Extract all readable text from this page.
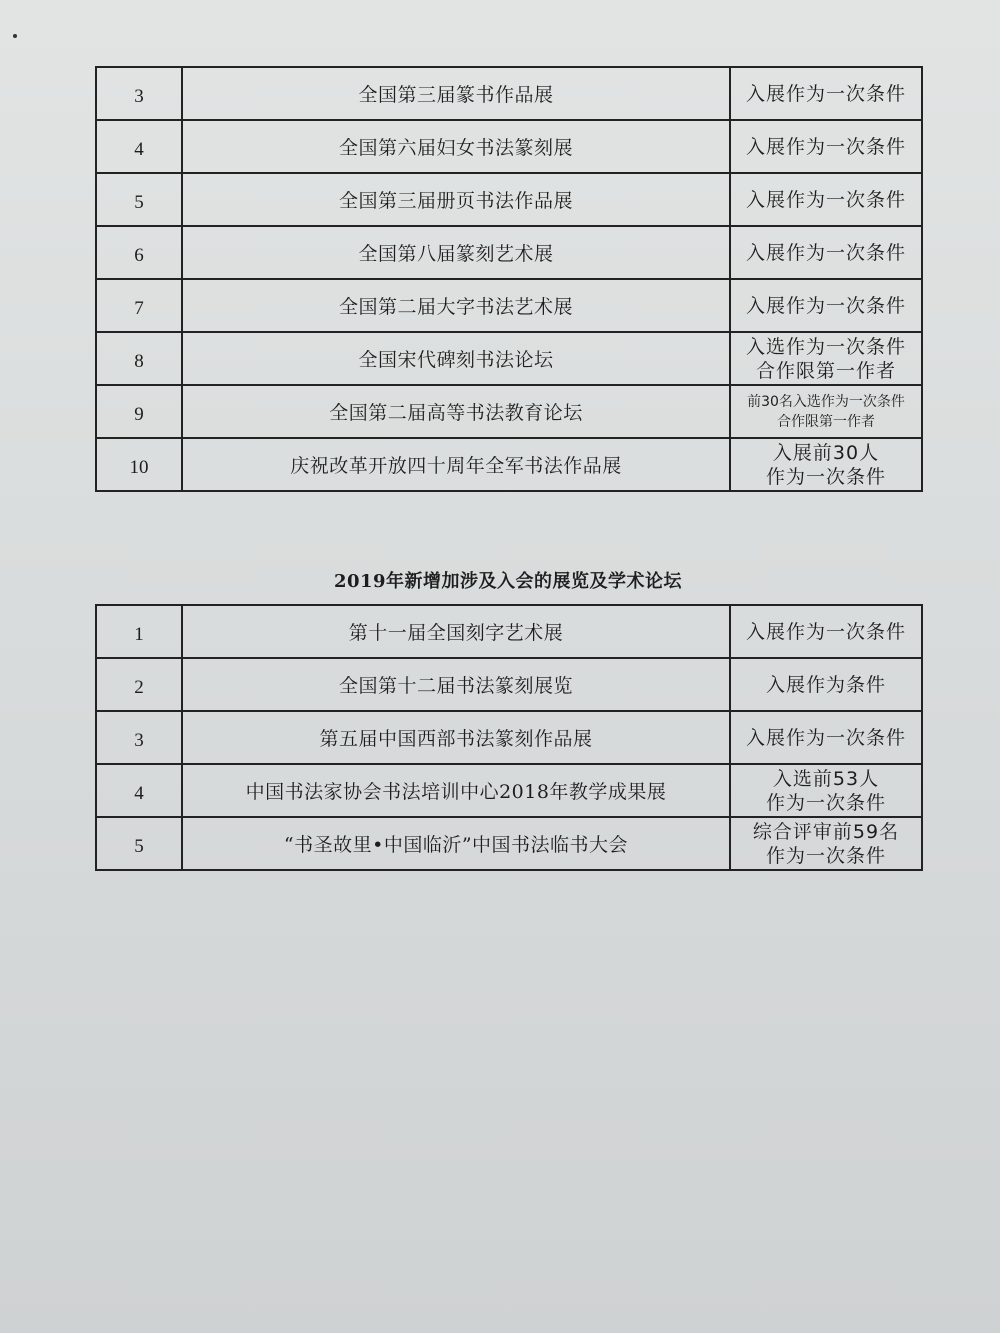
3	全国第三届篆书作品展	入展作为一次条件

4	全国第六届妇女书法篆刻展	入展作为一次条件

5	全国第三届册页书法作品展	入展作为一次条件

6	全国第八届篆刻艺术展	入展作为一次条件

7	全国第二届大字书法艺术展	入展作为一次条件

8	全国宋代碑刻书法论坛	入选作为一次条件
合作限第一作者

9	全国第二届高等书法教育论坛	前30名入选作为一次条件
合作限第一作者

10	庆祝改革开放四十周年全军书法作品展	入展前30人
作为一次条件
2019年新增加涉及入会的展览及学术论坛
1	第十一届全国刻字艺术展	入展作为一次条件

2	全国第十二届书法篆刻展览	入展作为条件

3	第五届中国西部书法篆刻作品展	入展作为一次条件

4	中国书法家协会书法培训中心2018年教学成果展	入选前53人
作为一次条件

5	“书圣故里•中国临沂”中国书法临书大会	综合评审前59名
作为一次条件
